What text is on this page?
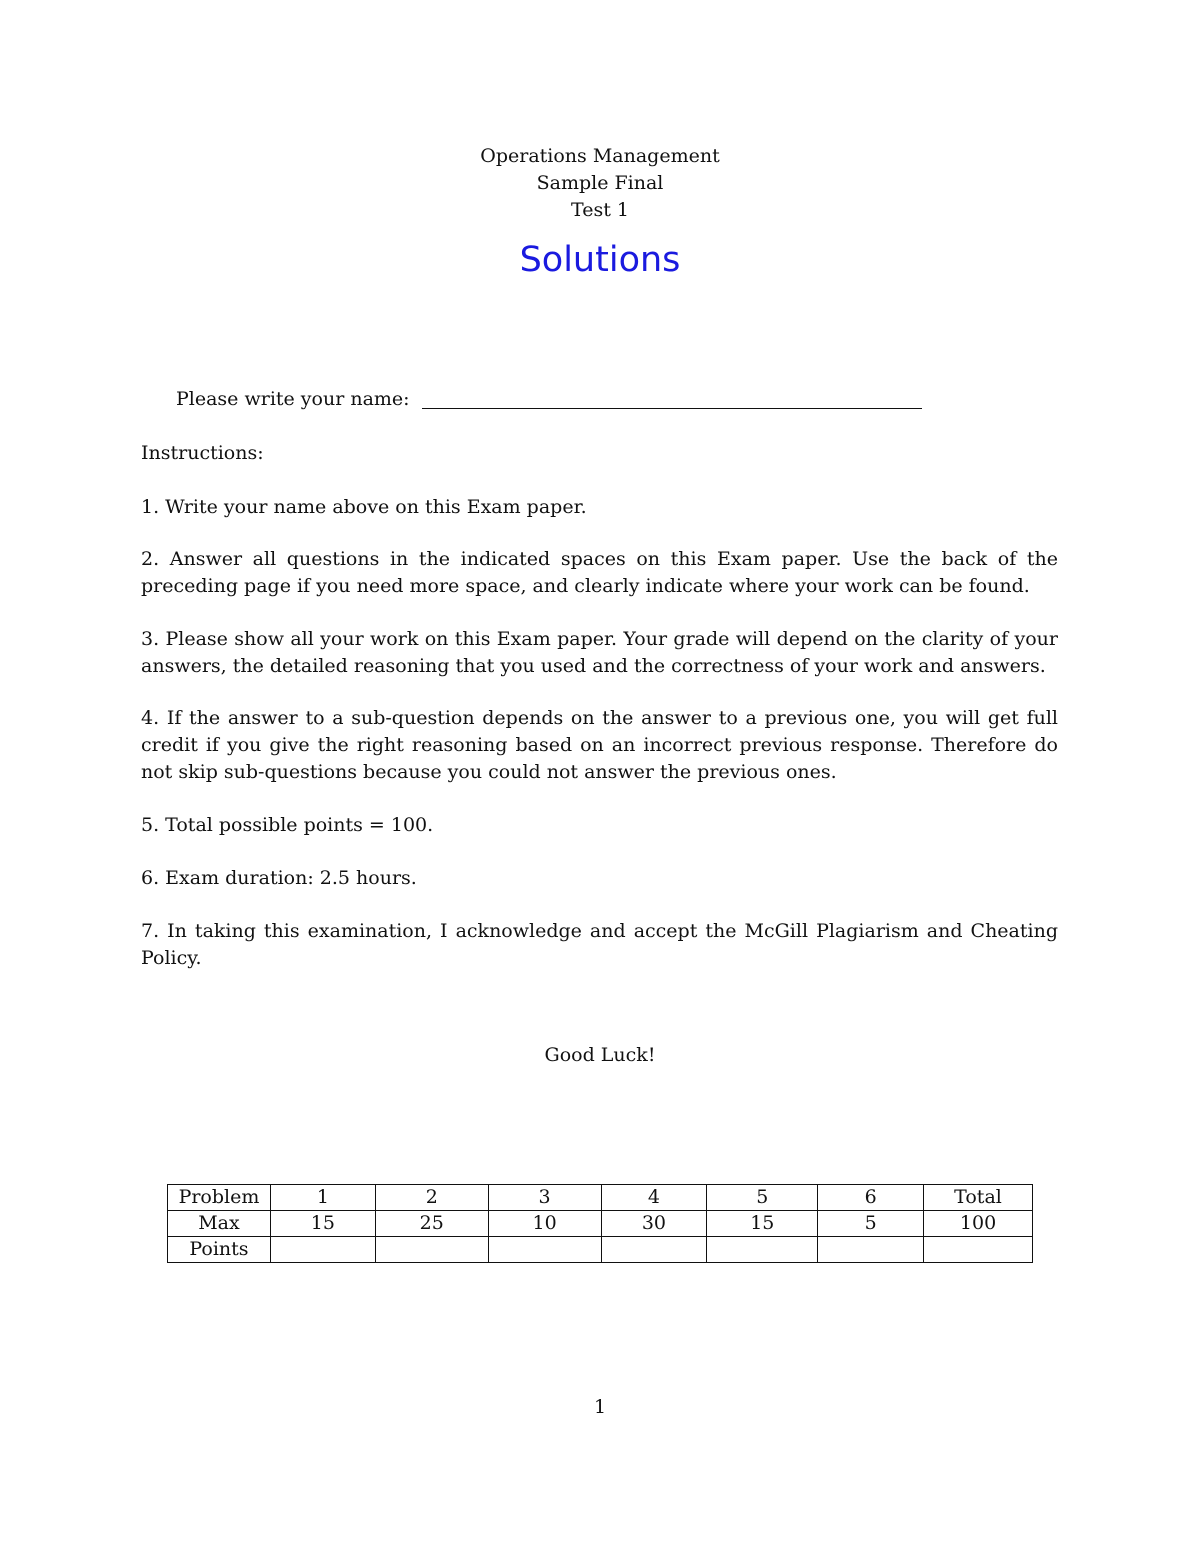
Operations Management
Sample Final
Test 1
Solutions
Please write your name:
Instructions:
1. Write your name above on this Exam paper.
2. Answer all questions in the indicated spaces on this Exam paper. Use the back of the preceding page if you need more space, and clearly indicate where your work can be found.
3. Please show all your work on this Exam paper. Your grade will depend on the clarity of your answers, the detailed reasoning that you used and the correctness of your work and answers.
4. If the answer to a sub-question depends on the answer to a previous one, you will get full credit if you give the right reasoning based on an incorrect previous response. Therefore do not skip sub-questions because you could not answer the previous ones.
5. Total possible points = 100.
6. Exam duration: 2.5 hours.
7. In taking this examination, I acknowledge and accept the McGill Plagiarism and Cheating Policy.
Good Luck!
Problem	1	2	3	4	5	6	Total
Max	15	25	10	30	15	5	100
Points							
1
